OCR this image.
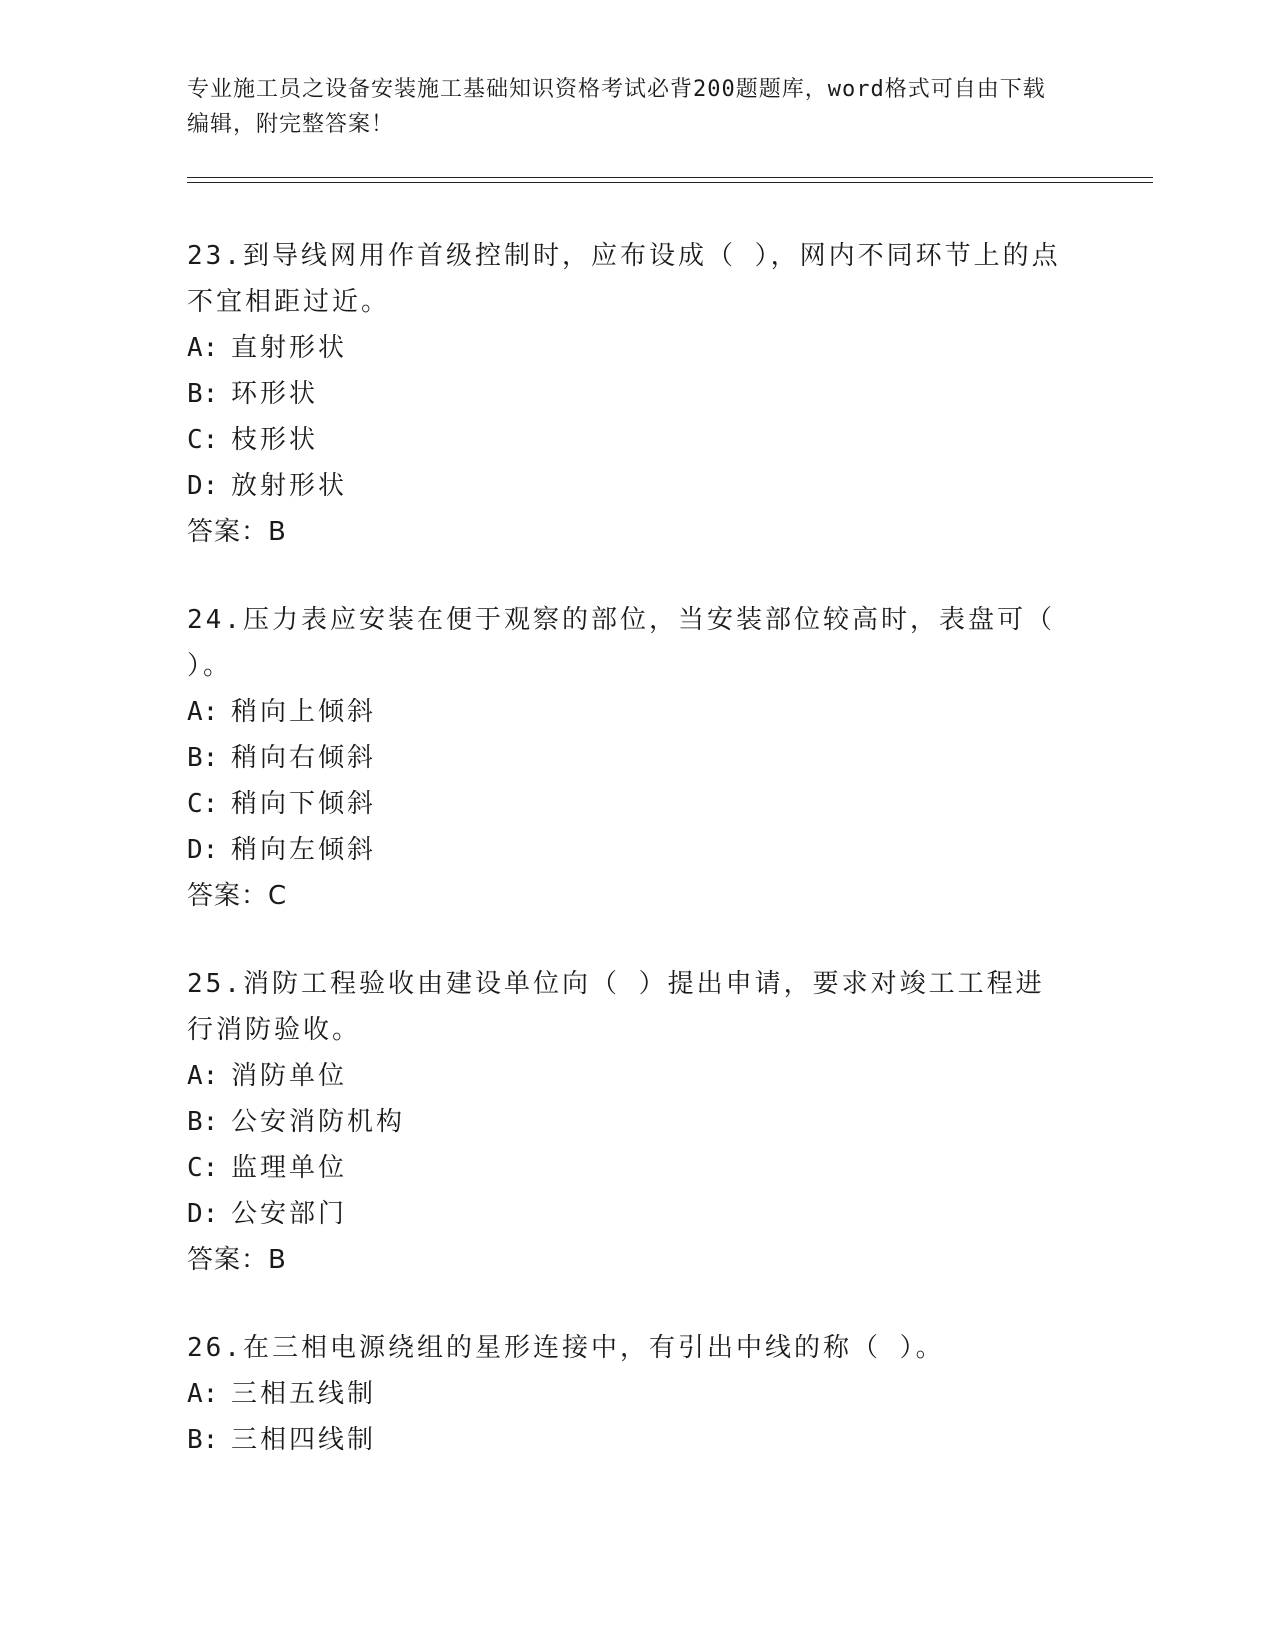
专业施工员之设备安装施工基础知识资格考试必背200题题库，word格式可自由下载编辑，附完整答案！
23.到导线网用作首级控制时，应布设成（ ），网内不同环节上的点不宜相距过近。
A: 直射形状
B: 环形状
C: 枝形状
D: 放射形状
答案：B
24.压力表应安装在便于观察的部位，当安装部位较高时，表盘可（ ）。
A: 稍向上倾斜
B: 稍向右倾斜
C: 稍向下倾斜
D: 稍向左倾斜
答案：C
25.消防工程验收由建设单位向（ ）提出申请，要求对竣工工程进行消防验收。
A: 消防单位
B: 公安消防机构
C: 监理单位
D: 公安部门
答案：B
26.在三相电源绕组的星形连接中，有引出中线的称（ ）。
A: 三相五线制
B: 三相四线制
